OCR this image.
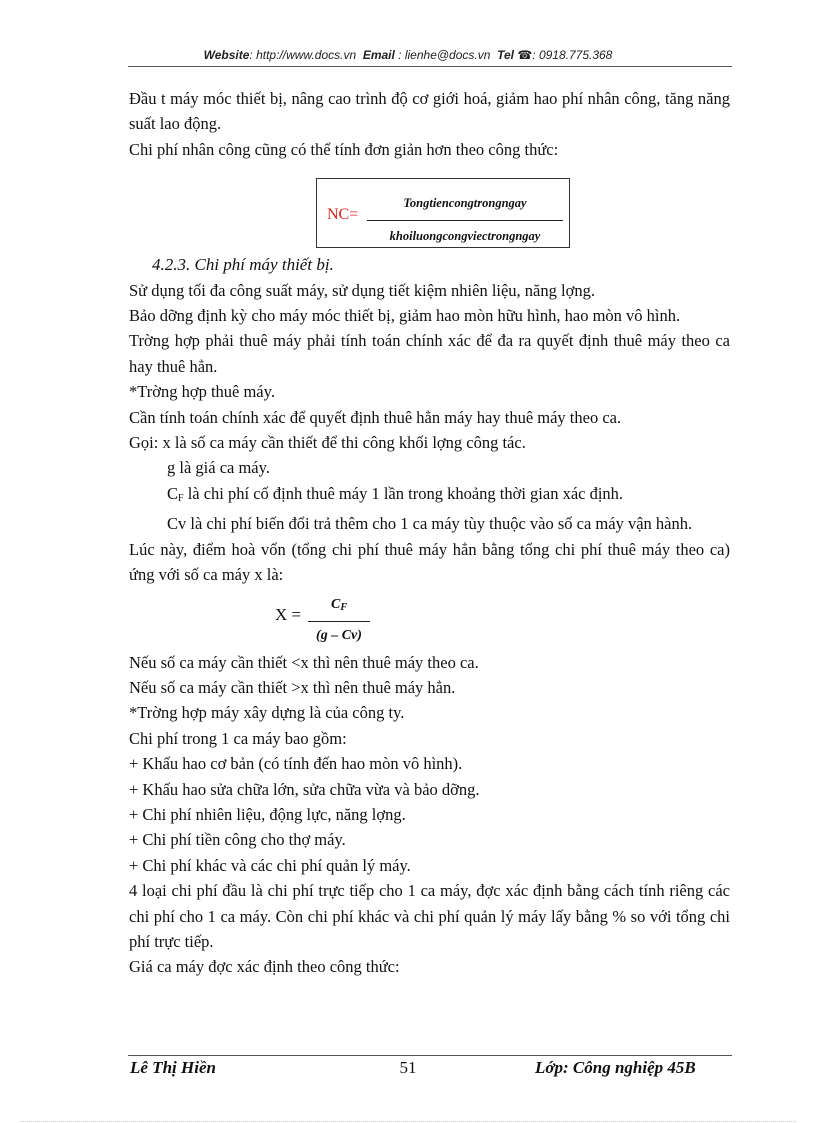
Website: http://www.docs.vn Email : lienhe@docs.vn Tel ☎: 0918.775.368

Đầu t máy móc thiết bị, nâng cao trình độ cơ giới hoá, giảm hao phí nhân công, tăng năng suất lao động.

Chi phí nhân công cũng có thể tính đơn giản hơn theo công thức:

NC=
Tongtiencongtrongngay
khoiluongcongviectrongngay

4.2.3. Chi phí máy thiết bị.

Sử dụng tối đa công suất máy, sử dụng tiết kiệm nhiên liệu, năng lợng.

Bảo dỡng định kỳ cho máy móc thiết bị, giảm hao mòn hữu hình, hao mòn vô hình.

Trờng hợp phải thuê máy phải tính toán chính xác để đa ra quyết định thuê máy theo ca hay thuê hẳn.

*Trờng hợp thuê máy.

Cần tính toán chính xác để quyết định thuê hẳn máy hay thuê máy theo ca.

Gọi: x là số ca máy cần thiết để thi công khối lợng công tác.

g là giá ca máy.

$C_F$ là chi phí cố định thuê máy 1 lần trong khoảng thời gian xác định.

Cv là chi phí biến đổi trả thêm cho 1 ca máy tùy thuộc vào số ca máy vận hành.

Lúc này, điểm hoà vốn (tổng chi phí thuê máy hẳn bằng tổng chi phí thuê máy theo ca) ứng với số ca máy x là:

$X = \frac{C_F}{(g - Cv)}$

Nếu số ca máy cần thiết <x thì nên thuê máy theo ca.

Nếu số ca máy cần thiết >x thì nên thuê máy hẳn.

*Trờng hợp máy xây dựng là của công ty.

Chi phí trong 1 ca máy bao gồm:

+ Khấu hao cơ bản (có tính đến hao mòn vô hình).

+ Khấu hao sửa chữa lớn, sửa chữa vừa và bảo dỡng.

+ Chi phí nhiên liệu, động lực, năng lợng.

+ Chi phí tiền công cho thợ máy.

+ Chi phí khác và các chi phí quản lý máy.

4 loại chi phí đầu là chi phí trực tiếp cho 1 ca máy, đợc xác định bằng cách tính riêng các chi phí cho 1 ca máy. Còn chi phí khác và chi phí quản lý máy lấy bằng % so với tổng chi phí trực tiếp.

Giá ca máy đợc xác định theo công thức:

Lê Thị Hiền	51	Lớp: Công nghiệp 45B
